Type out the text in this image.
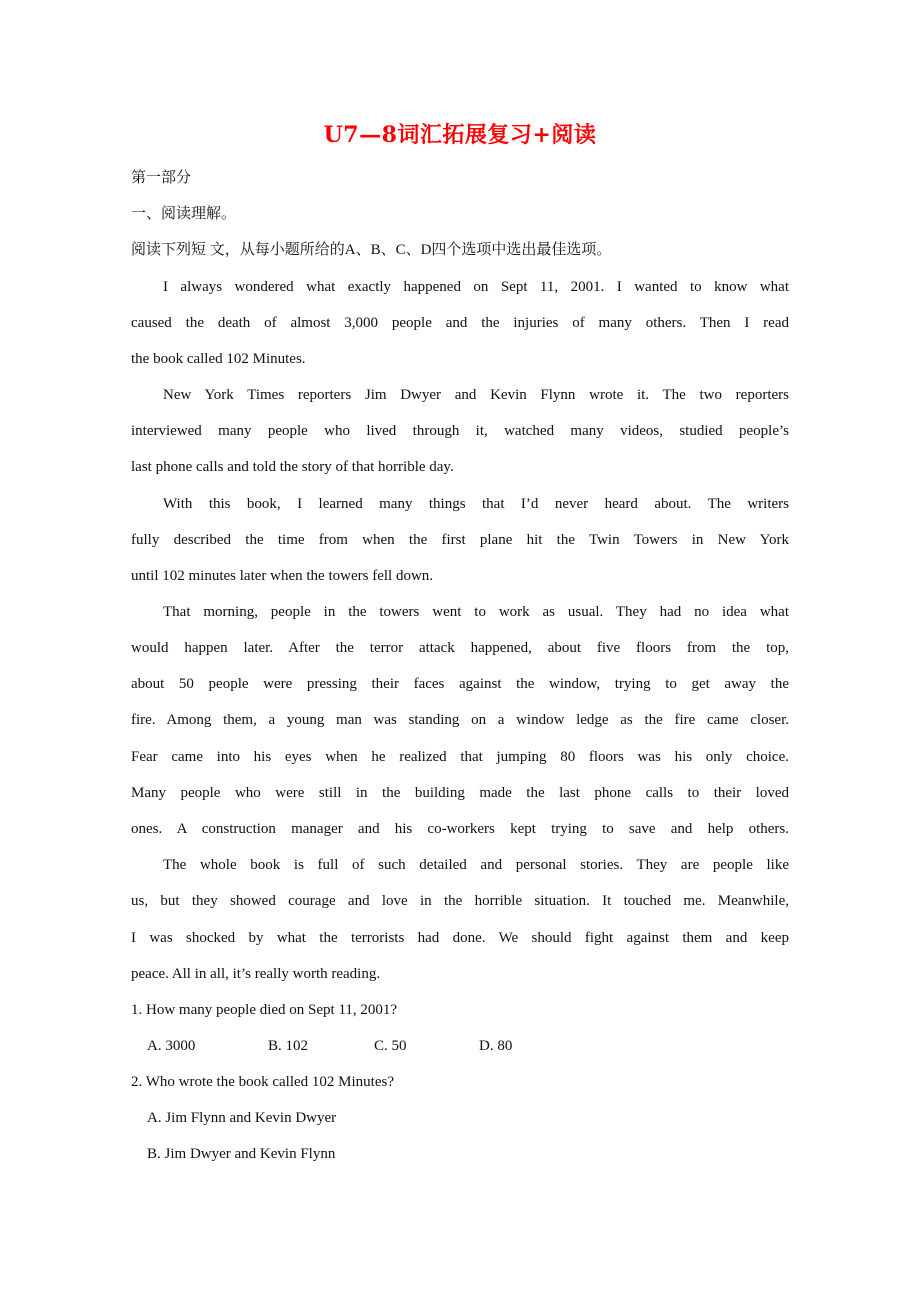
U7—8词汇拓展复习+阅读
第一部分
一、阅读理解。
阅读下列短 文，从每小题所给的A、B、C、D四个选项中选出最佳选项。
I always wondered what exactly happened on Sept 11, 2001. I wanted to know what
caused the death of almost 3,000 people and the injuries of many others. Then I read
the book called 102 Minutes.
New York Times reporters Jim Dwyer and Kevin Flynn wrote it. The two reporters
interviewed many people who lived through it, watched many videos, studied people’s
last phone calls and told the story of that horrible day.
With this book, I learned many things that I’d never heard about. The writers
fully described the time from when the first plane hit the Twin Towers in New York
until 102 minutes later when the towers fell down.
That morning, people in the towers went to work as usual. They had no idea what
would happen later. After the terror attack happened, about five floors from the top,
about 50 people were pressing their faces against the window, trying to get away the
fire. Among them, a young man was standing on a window ledge as the fire came closer.
Fear came into his eyes when he realized that jumping 80 floors was his only choice.
Many people who were still in the building made the last phone calls to their loved
ones. A construction manager and his co-workers kept trying to save and help others.
The whole book is full of such detailed and personal stories. They are people like
us, but they showed courage and love in the horrible situation. It touched me. Meanwhile,
I was shocked by what the terrorists had done. We should fight against them and keep
peace. All in all, it’s really worth reading.
1. How many people died on Sept 11, 2001?
A. 3000	B. 102	C. 50	D. 80
2. Who wrote the book called 102 Minutes?
A. Jim Flynn and Kevin Dwyer
B. Jim Dwyer and Kevin Flynn
